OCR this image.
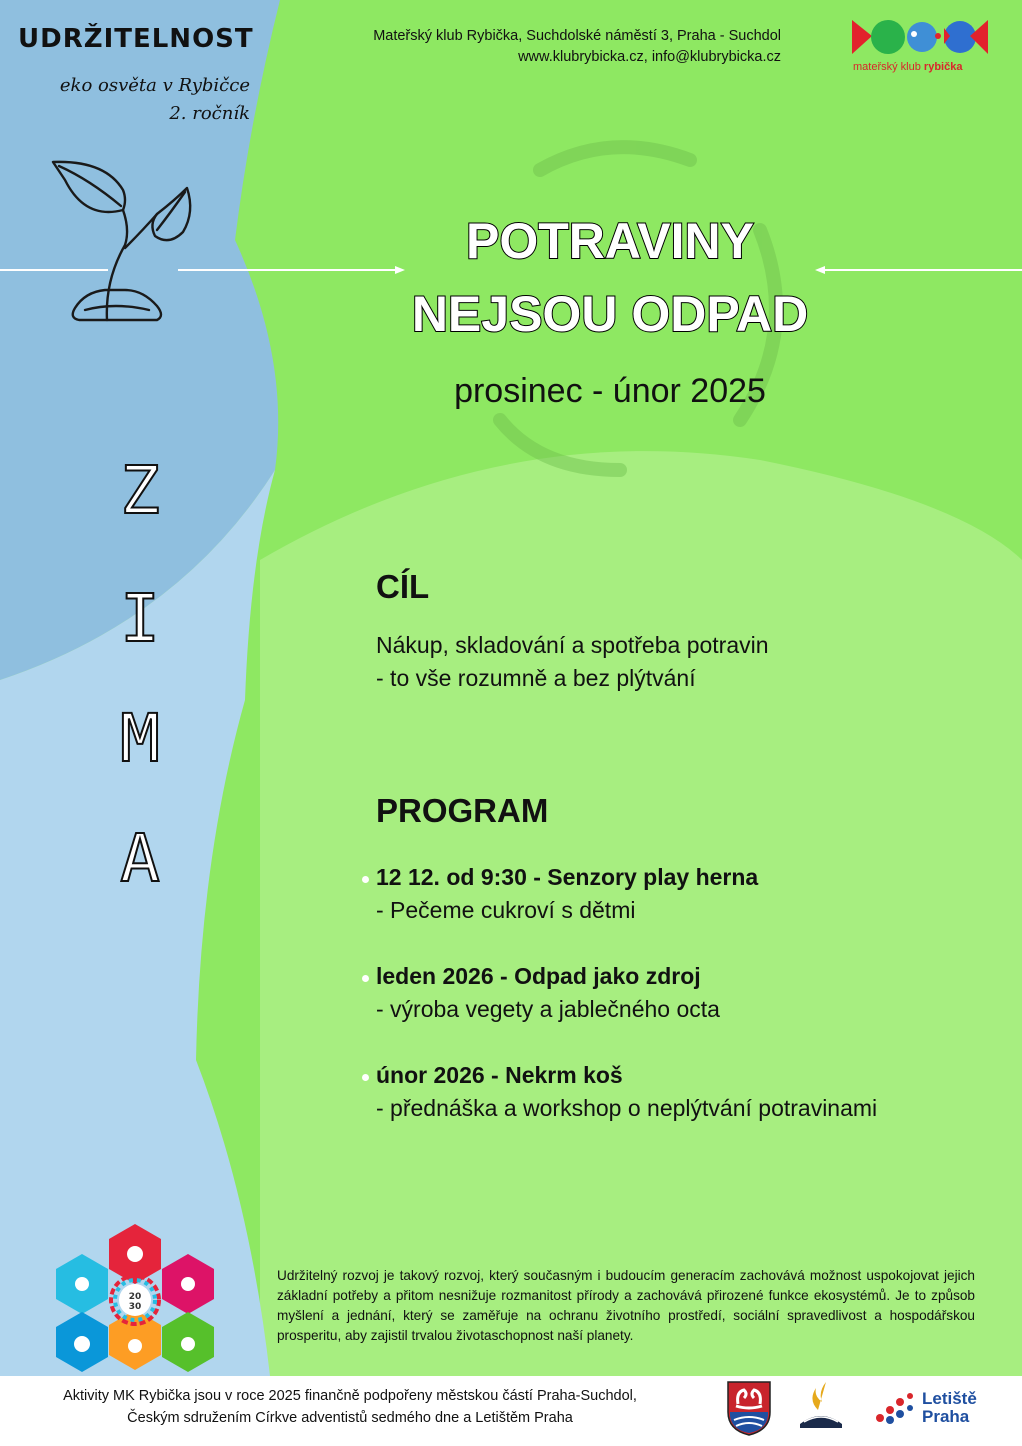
UDRŽITELNOST
eko osvěta v Rybičce
2. ročník
Mateřský klub Rybička, Suchdolské náměstí 3, Praha - Suchdol
www.klubrybicka.cz, info@klubrybicka.cz
mateřský klub rybička
POTRAVINY
NEJSOU ODPAD
prosinec - únor 2025
Z
I
M
A
CÍL
Nákup, skladování a spotřeba potravin
- to vše rozumně a bez plýtvání
PROGRAM
12 12. od 9:30 - Senzory play herna
- Pečeme cukroví s dětmi
leden 2026 - Odpad jako zdroj
- výroba vegety a jablečného octa
únor 2026 - Nekrm koš
- přednáška a workshop o neplýtvání potravinami
20
30
Udržitelný rozvoj je takový rozvoj, který současným i budoucím generacím zachovává možnost uspokojovat jejich základní potřeby a přitom nesnižuje rozmanitost přírody a zachovává přirozené funkce ekosystémů. Je to způsob myšlení a jednání, který se zaměřuje na ochranu životního prostředí, sociální spravedlivost a hospodářskou prosperitu, aby zajistil trvalou životaschopnost naší planety.
Aktivity MK Rybička jsou v roce 2025 finančně podpořeny městskou částí Praha-Suchdol,
Českým sdružením Církve adventistů sedmého dne a Letištěm Praha
Letiště
Praha
